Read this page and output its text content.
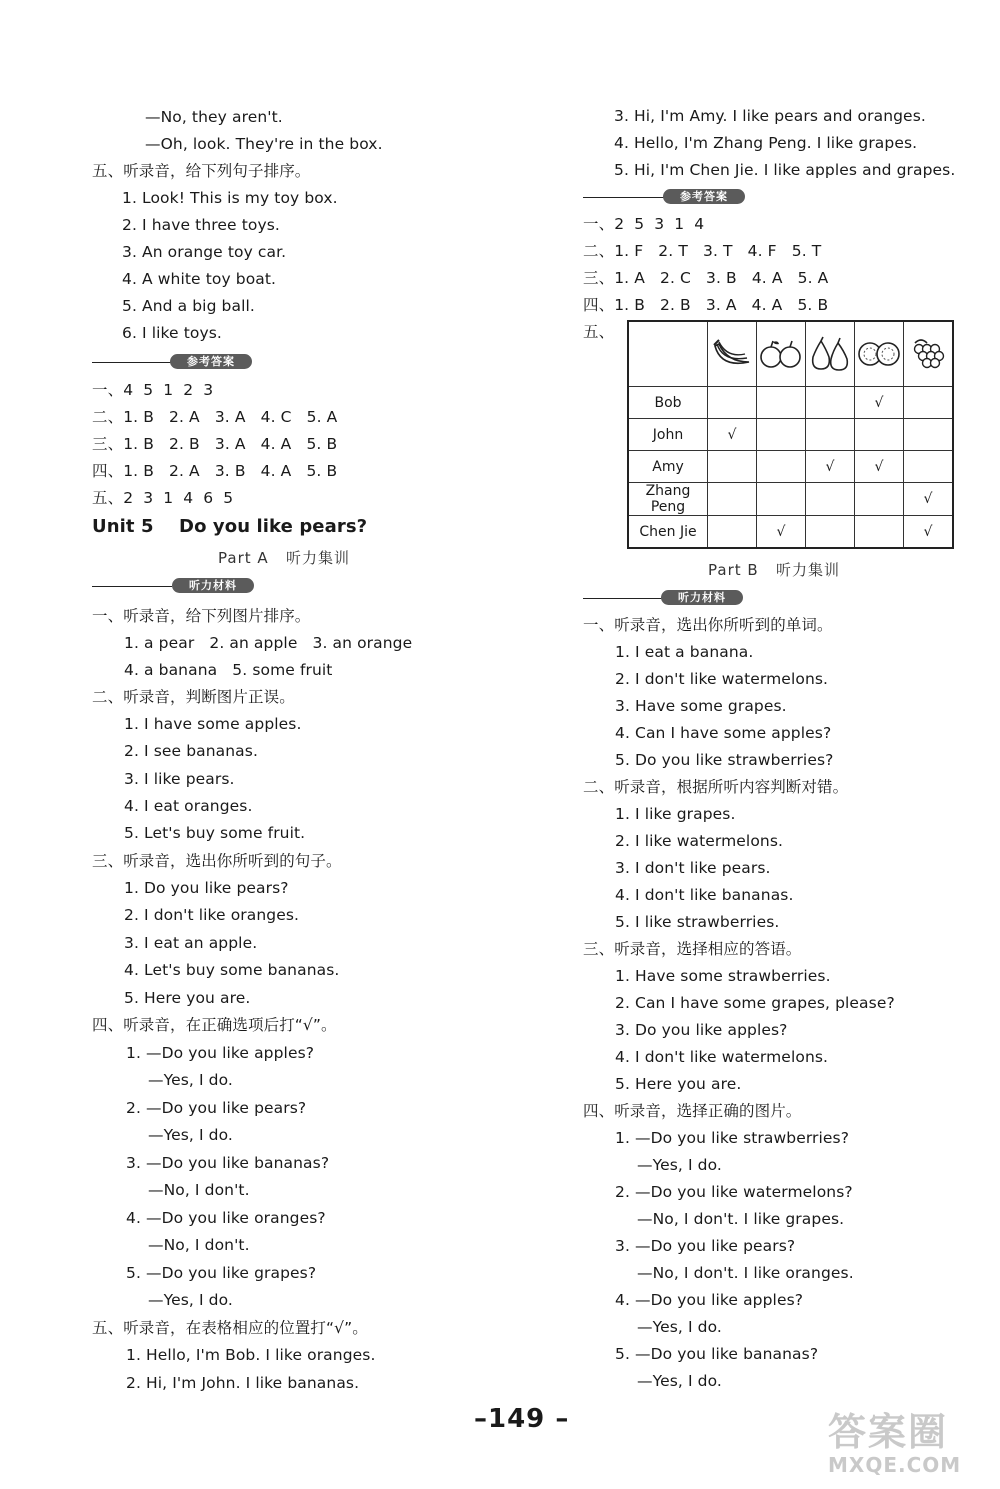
—No, they aren't.
—Oh, look. They're in the box.
五、听录音，给下列句子排序。
1. Look! This is my toy box.
2. I have three toys.
3. An orange toy car.
4. A white toy boat.
5. And a big ball.
6. I like toys.
参考答案
一、4  5  1  2  3
二、1. B   2. A   3. A   4. C   5. A
三、1. B   2. B   3. A   4. A   5. B
四、1. B   2. A   3. B   4. A   5. B
五、2  3  1  4  6  5
Unit 5    Do you like pears?
Part A   听力集训
听力材料
一、听录音，给下列图片排序。
1. a pear   2. an apple   3. an orange
4. a banana   5. some fruit
二、听录音，判断图片正误。
1. I have some apples.
2. I see bananas.
3. I like pears.
4. I eat oranges.
5. Let's buy some fruit.
三、听录音，选出你所听到的句子。
1. Do you like pears?
2. I don't like oranges.
3. I eat an apple.
4. Let's buy some bananas.
5. Here you are.
四、听录音，在正确选项后打“√”。
1. —Do you like apples?
—Yes, I do.
2. —Do you like pears?
—Yes, I do.
3. —Do you like bananas?
—No, I don't.
4. —Do you like oranges?
—No, I don't.
5. —Do you like grapes?
—Yes, I do.
五、听录音，在表格相应的位置打“√”。
1. Hello, I'm Bob. I like oranges.
2. Hi, I'm John. I like bananas.
3. Hi, I'm Amy. I like pears and oranges.
4. Hello, I'm Zhang Peng. I like grapes.
5. Hi, I'm Chen Jie. I like apples and grapes.
参考答案
一、2  5  3  1  4
二、1. F   2. T   3. T   4. F   5. T
三、1. A   2. C   3. B   4. A   5. A
四、1. B   2. B   3. A   4. A   5. B
五、

Bob				√	
John	√				
Amy			√	√	
Zhang Peng					√
Chen Jie		√			√
Part B   听力集训
听力材料
一、听录音，选出你所听到的单词。
1. I eat a banana.
2. I don't like watermelons.
3. Have some grapes.
4. Can I have some apples?
5. Do you like strawberries?
二、听录音，根据所听内容判断对错。
1. I like grapes.
2. I like watermelons.
3. I don't like pears.
4. I don't like bananas.
5. I like strawberries.
三、听录音，选择相应的答语。
1. Have some strawberries.
2. Can I have some grapes, please?
3. Do you like apples?
4. I don't like watermelons.
5. Here you are.
四、听录音，选择正确的图片。
1. —Do you like strawberries?
—Yes, I do.
2. —Do you like watermelons?
—No, I don't. I like grapes.
3. —Do you like pears?
—No, I don't. I like oranges.
4. —Do you like apples?
—Yes, I do.
5. —Do you like bananas?
—Yes, I do.
–149 –	答案圈
MXQE.COM
